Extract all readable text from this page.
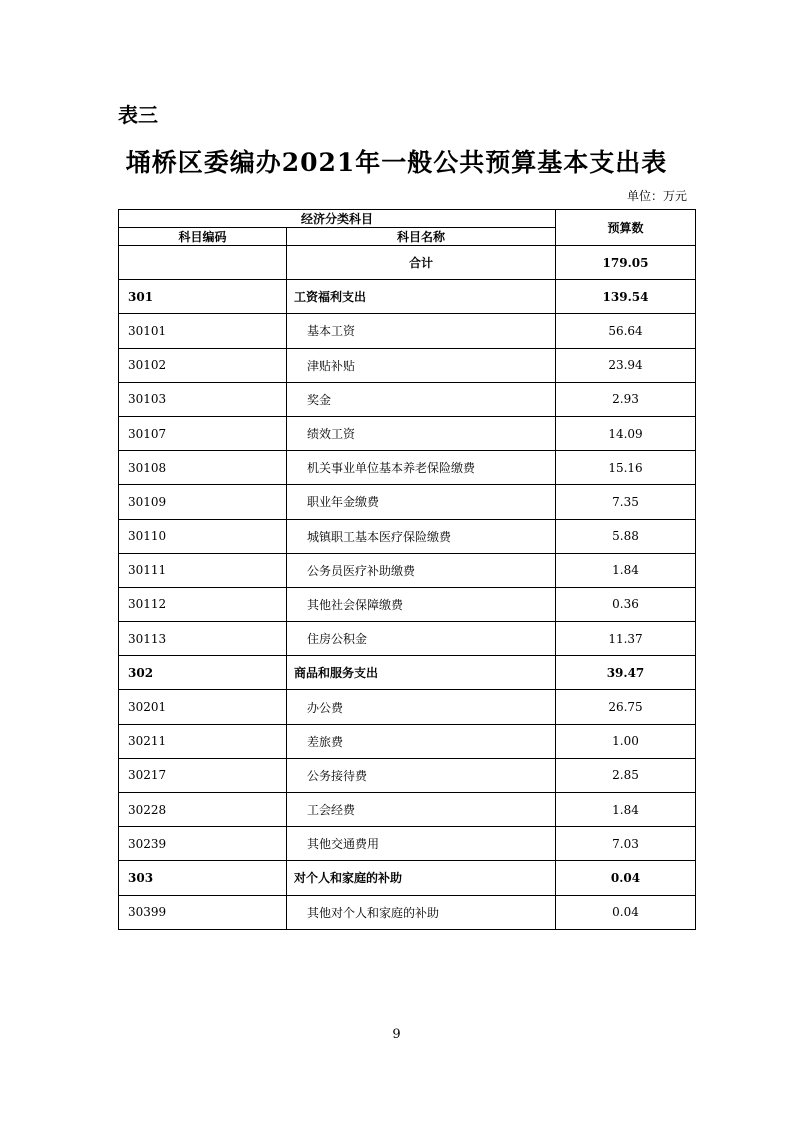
表三
埇桥区委编办2021年一般公共预算基本支出表
单位：万元
经济分类科目		预算数
科目编码	科目名称	
	合计	179.05
301	工资福利支出	139.54
30101	基本工资	56.64
30102	津贴补贴	23.94
30103	奖金	2.93
30107	绩效工资	14.09
30108	机关事业单位基本养老保险缴费	15.16
30109	职业年金缴费	7.35
30110	城镇职工基本医疗保险缴费	5.88
30111	公务员医疗补助缴费	1.84
30112	其他社会保障缴费	0.36
30113	住房公积金	11.37
302	商品和服务支出	39.47
30201	办公费	26.75
30211	差旅费	1.00
30217	公务接待费	2.85
30228	工会经费	1.84
30239	其他交通费用	7.03
303	对个人和家庭的补助	0.04
30399	其他对个人和家庭的补助	0.04
9
